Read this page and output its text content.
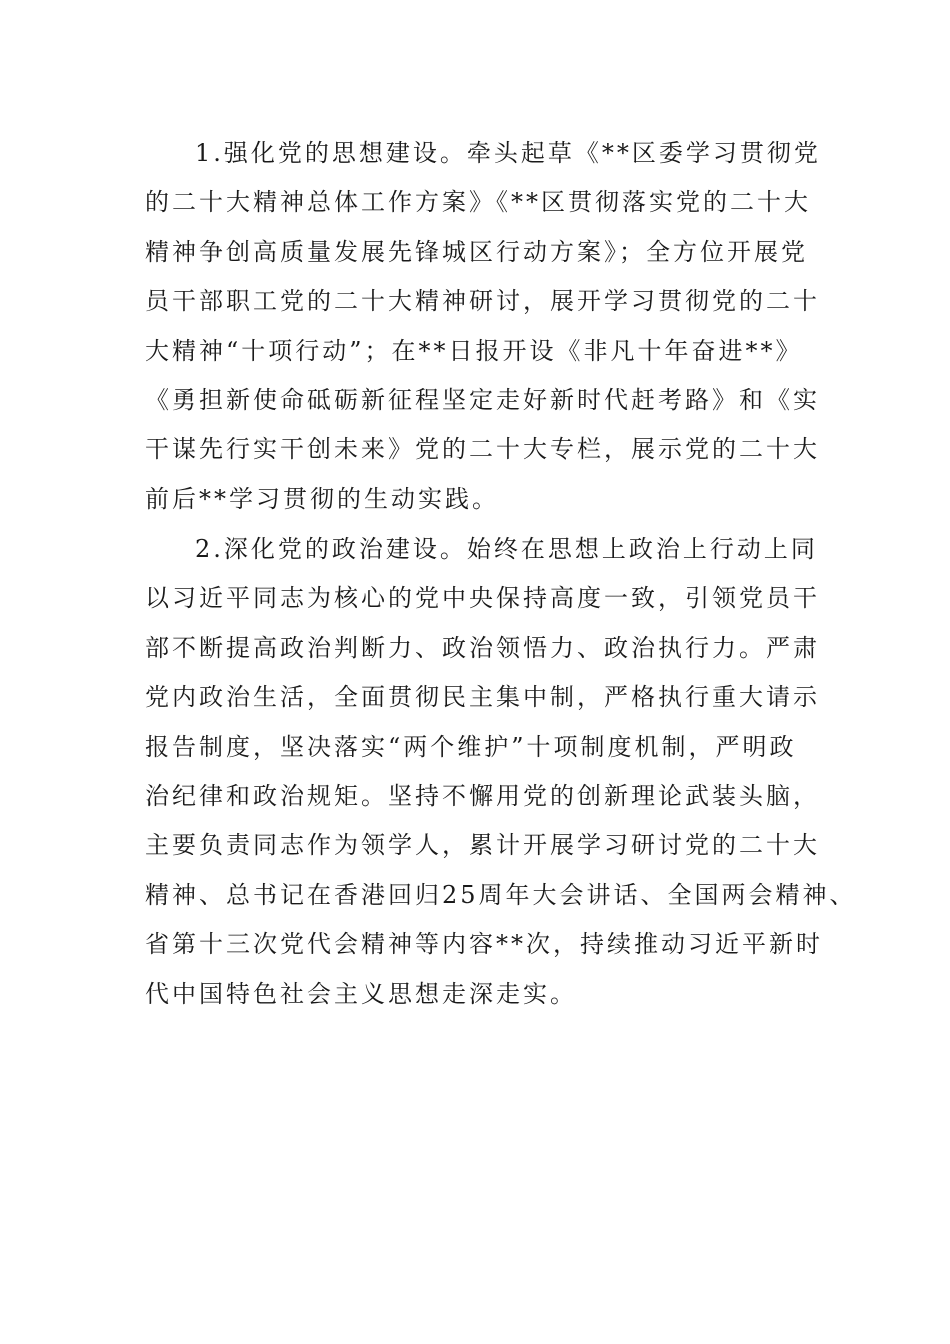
1.强化党的思想建设。牵头起草《**区委学习贯彻党
的二十大精神总体工作方案》《**区贯彻落实党的二十大
精神争创高质量发展先锋城区行动方案》；全方位开展党
员干部职工党的二十大精神研讨，展开学习贯彻党的二十
大精神“十项行动”；在**日报开设《非凡十年奋进**》
《勇担新使命砥砺新征程坚定走好新时代赶考路》和《实
干谋先行实干创未来》党的二十大专栏，展示党的二十大
前后**学习贯彻的生动实践。
2.深化党的政治建设。始终在思想上政治上行动上同
以习近平同志为核心的党中央保持高度一致，引领党员干
部不断提高政治判断力、政治领悟力、政治执行力。严肃
党内政治生活，全面贯彻民主集中制，严格执行重大请示
报告制度，坚决落实“两个维护”十项制度机制，严明政
治纪律和政治规矩。坚持不懈用党的创新理论武装头脑，
主要负责同志作为领学人，累计开展学习研讨党的二十大
精神、总书记在香港回归25周年大会讲话、全国两会精神、
省第十三次党代会精神等内容**次，持续推动习近平新时
代中国特色社会主义思想走深走实。
